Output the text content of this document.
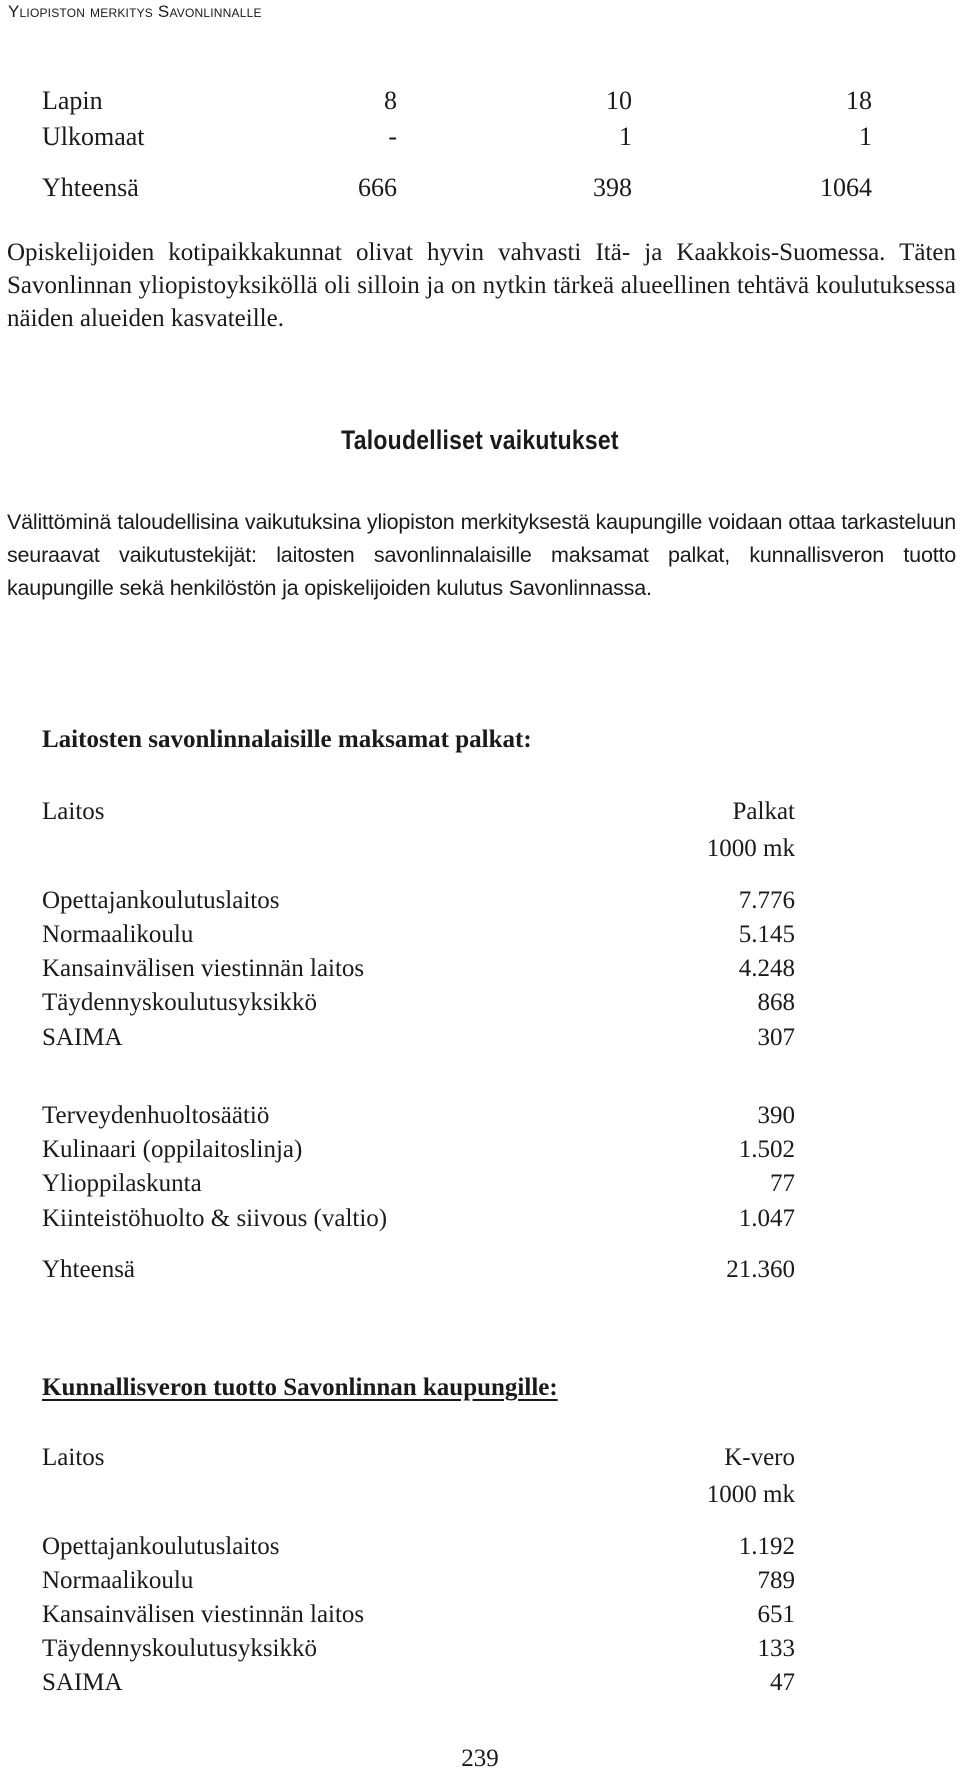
Yliopiston merkitys Savonlinnalle
Lapin	8	10	18
Ulkomaat	-	1	1
Yhteensä	666	398	1064

Opiskelijoiden kotipaikkakunnat olivat hyvin vahvasti Itä- ja Kaakkois-Suomessa. Täten Savonlinnan yliopistoyksiköllä oli silloin ja on nytkin tärkeä alueellinen tehtävä koulutuksessa näiden alueiden kasvateille.

Taloudelliset vaikutukset

Välittöminä taloudellisina vaikutuksina yliopiston merkityksestä kaupungille voidaan ottaa tarkasteluun seuraavat vaikutustekijät: laitosten savonlinnalaisille maksamat palkat, kunnallisveron tuotto kaupungille sekä henkilöstön ja opiskelijoiden kulutus Savonlinnassa.

Laitosten savonlinnalaisille maksamat palkat:
Laitos	Palkat
1000 mk
Opettajankoulutuslaitos	7.776
Normaalikoulu	5.145
Kansainvälisen viestinnän laitos	4.248
Täydennyskoulutusyksikkö	868
SAIMA	307
Terveydenhuoltosäätiö	390
Kulinaari (oppilaitoslinja)	1.502
Ylioppilaskunta	77
Kiinteistöhuolto & siivous (valtio)	1.047
Yhteensä	21.360
Kunnallisveron tuotto Savonlinnan kaupungille:
Laitos	K-vero
1000 mk
Opettajankoulutuslaitos	1.192
Normaalikoulu	789
Kansainvälisen viestinnän laitos	651
Täydennyskoulutusyksikkö	133
SAIMA	47
239
